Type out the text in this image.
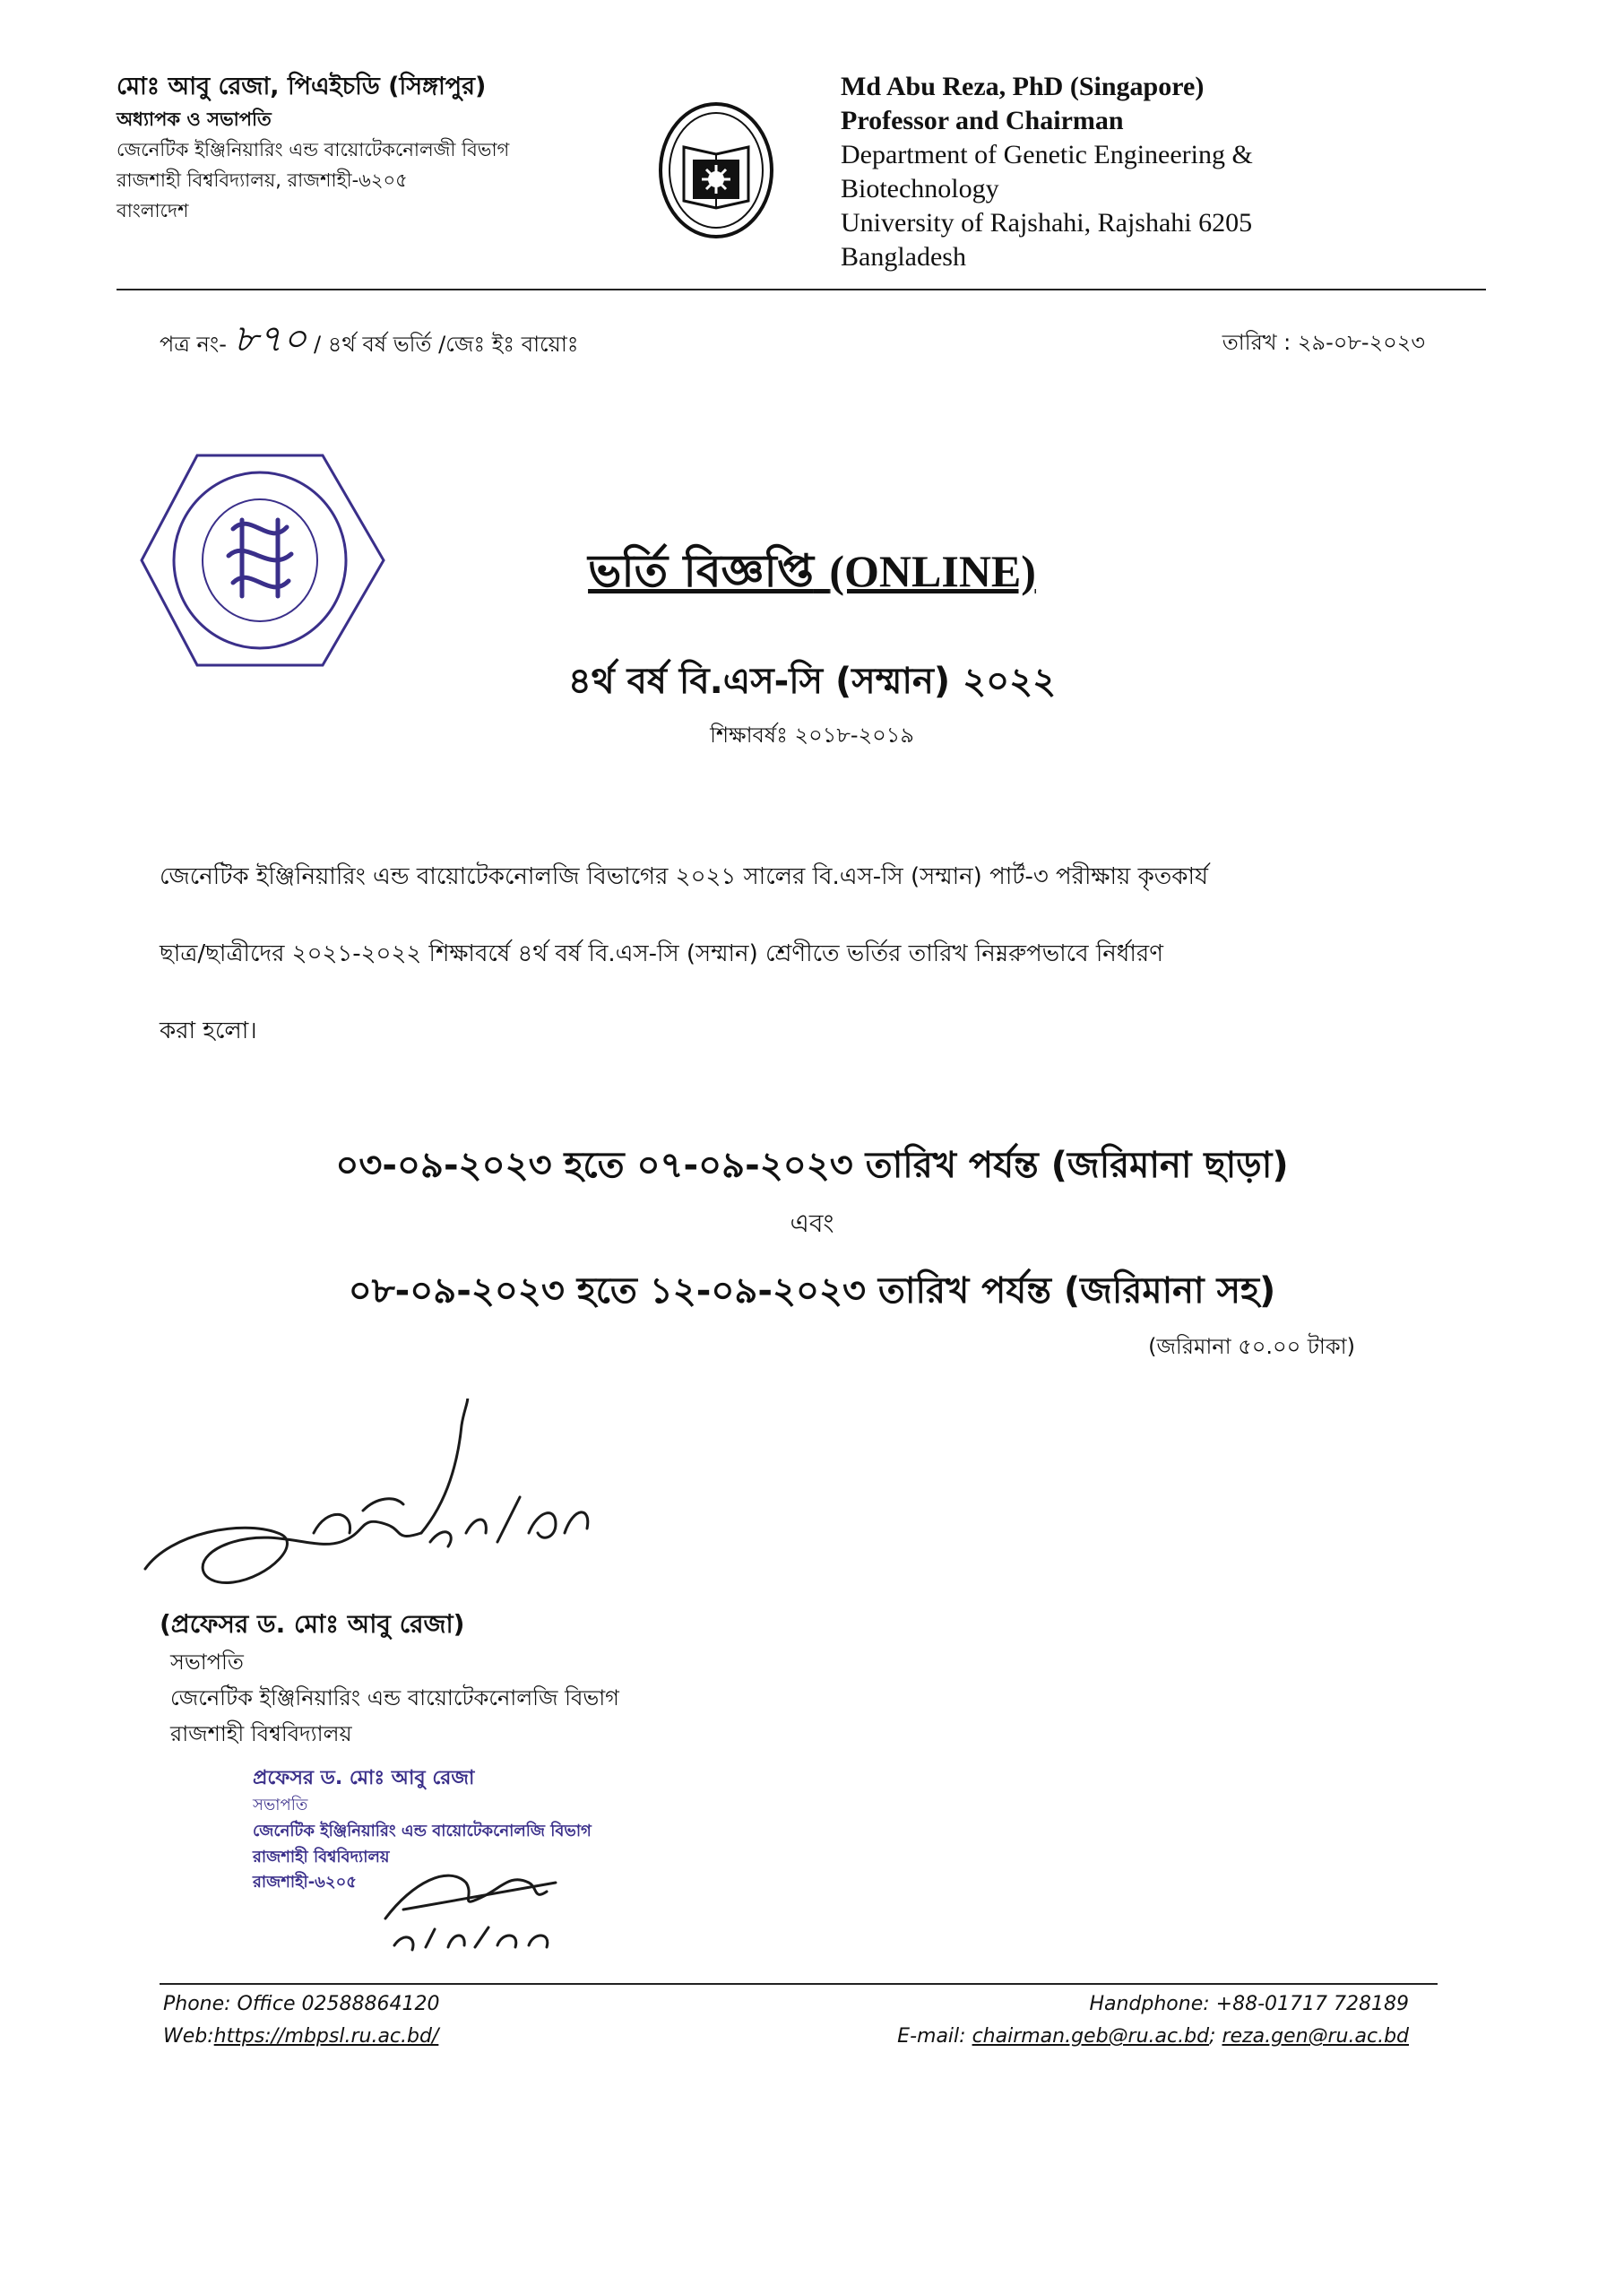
মোঃ আবু রেজা, পিএইচডি (সিঙ্গাপুর)
অধ্যাপক ও সভাপতি
জেনেটিক ইঞ্জিনিয়ারিং এন্ড বায়োটেকনোলজী বিভাগ
রাজশাহী বিশ্ববিদ্যালয়, রাজশাহী-৬২০৫
বাংলাদেশ
Md Abu Reza, PhD (Singapore)
Professor and Chairman
Department of Genetic Engineering &
Biotechnology
University of Rajshahi, Rajshahi 6205
Bangladesh
পত্র নং- ৮৭০ / ৪র্থ বর্ষ ভর্তি /জেঃ ইঃ বায়োঃ	তারিখ : ২৯-০৮-২০২৩
ভর্তি বিজ্ঞপ্তি (ONLINE)
৪র্থ বর্ষ বি.এস-সি (সম্মান) ২০২২
শিক্ষাবর্ষঃ ২০১৮-২০১৯
জেনেটিক ইঞ্জিনিয়ারিং এন্ড বায়োটেকনোলজি বিভাগের ২০২১ সালের বি.এস-সি (সম্মান) পার্ট-৩ পরীক্ষায় কৃতকার্য
ছাত্র/ছাত্রীদের ২০২১-২০২২ শিক্ষাবর্ষে ৪র্থ বর্ষ বি.এস-সি (সম্মান) শ্রেণীতে ভর্তির তারিখ নিম্নরুপভাবে নির্ধারণ
করা হলো।
০৩-০৯-২০২৩ হতে ০৭-০৯-২০২৩ তারিখ পর্যন্ত (জরিমানা ছাড়া)
এবং
০৮-০৯-২০২৩ হতে ১২-০৯-২০২৩ তারিখ পর্যন্ত (জরিমানা সহ)
(জরিমানা ৫০.০০ টাকা)
(প্রফেসর ড. মোঃ আবু রেজা)
সভাপতি
জেনেটিক ইঞ্জিনিয়ারিং এন্ড বায়োটেকনোলজি বিভাগ
রাজশাহী বিশ্ববিদ্যালয়
প্রফেসর ড. মোঃ আবু রেজা
সভাপতি
জেনেটিক ইঞ্জিনিয়ারিং এন্ড বায়োটেকনোলজি বিভাগ
রাজশাহী বিশ্ববিদ্যালয়
রাজশাহী-৬২০৫
Phone: Office 02588864120
Web:https://mbpsl.ru.ac.bd/
Handphone: +88-01717 728189
E-mail: chairman.geb@ru.ac.bd; reza.gen@ru.ac.bd
